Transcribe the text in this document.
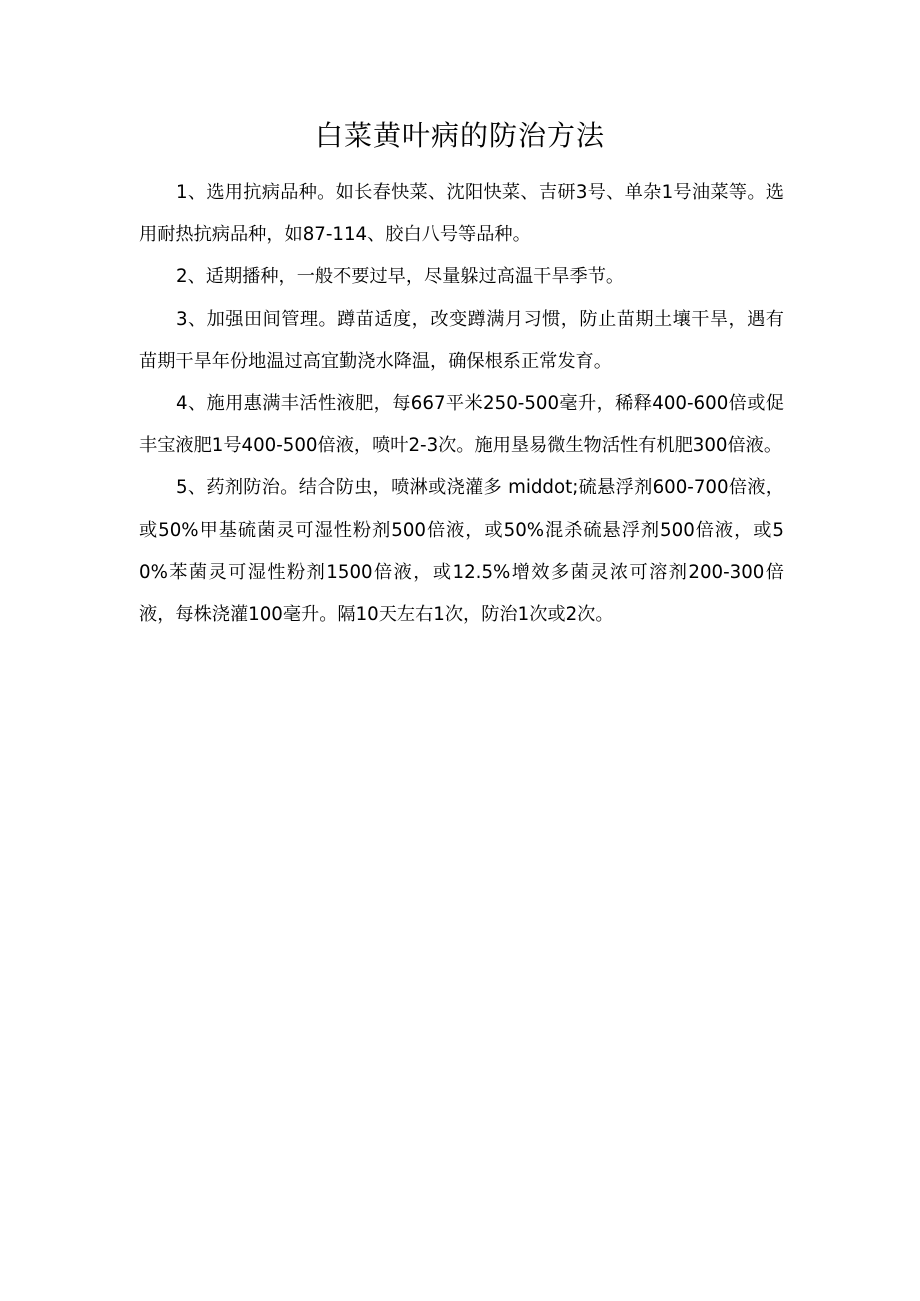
白菜黄叶病的防治方法

1、选用抗病品种。如长春快菜、沈阳快菜、吉研3号、单杂1号油菜等。选用耐热抗病品种，如87-114、胶白八号等品种。

2、适期播种，一般不要过早，尽量躲过高温干旱季节。

3、加强田间管理。蹲苗适度，改变蹲满月习惯，防止苗期土壤干旱，遇有苗期干旱年份地温过高宜勤浇水降温，确保根系正常发育。

4、施用惠满丰活性液肥，每667平米250-500毫升，稀释400-600倍或促丰宝液肥1号400-500倍液，喷叶2-3次。施用垦易微生物活性有机肥300倍液。

5、药剂防治。结合防虫，喷淋或浇灌多 middot;硫悬浮剂600-700倍液，或50%甲基硫菌灵可湿性粉剂500倍液，或50%混杀硫悬浮剂500倍液，或50%苯菌灵可湿性粉剂1500倍液，或12.5%增效多菌灵浓可溶剂200-300倍液，每株浇灌100毫升。隔10天左右1次，防治1次或2次。
